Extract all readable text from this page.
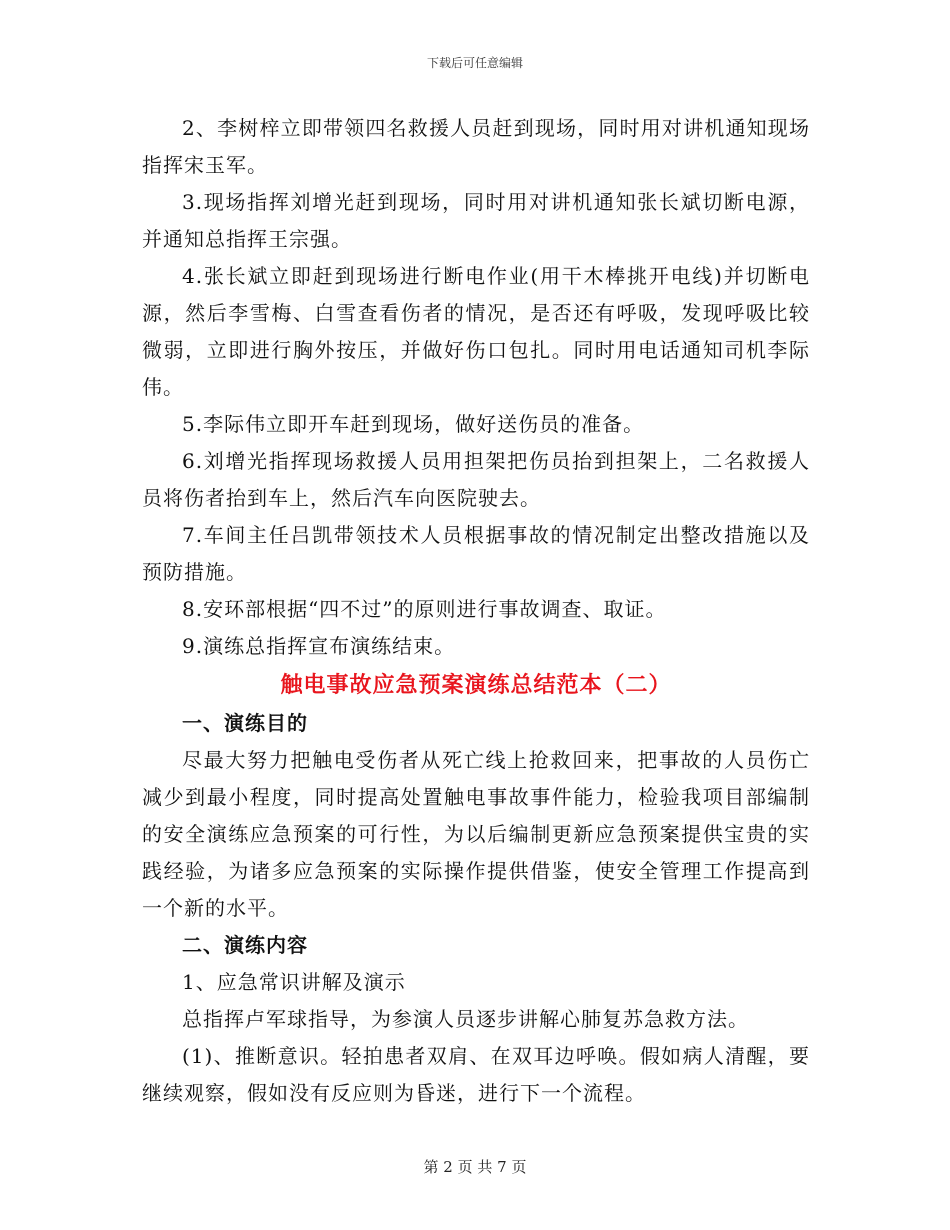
下载后可任意编辑

2、李树梓立即带领四名救援人员赶到现场，同时用对讲机通知现场指挥宋玉军。

3.现场指挥刘增光赶到现场，同时用对讲机通知张长斌切断电源，并通知总指挥王宗强。

4.张长斌立即赶到现场进行断电作业(用干木棒挑开电线)并切断电源，然后李雪梅、白雪查看伤者的情况，是否还有呼吸，发现呼吸比较微弱，立即进行胸外按压，并做好伤口包扎。同时用电话通知司机李际伟。

5.李际伟立即开车赶到现场，做好送伤员的准备。

6.刘增光指挥现场救援人员用担架把伤员抬到担架上，二名救援人员将伤者抬到车上，然后汽车向医院驶去。

7.车间主任吕凯带领技术人员根据事故的情况制定出整改措施以及预防措施。

8.安环部根据“四不过”的原则进行事故调查、取证。

9.演练总指挥宣布演练结束。

触电事故应急预案演练总结范本（二）

一、演练目的

尽最大努力把触电受伤者从死亡线上抢救回来，把事故的人员伤亡减少到最小程度，同时提高处置触电事故事件能力，检验我项目部编制的安全演练应急预案的可行性，为以后编制更新应急预案提供宝贵的实践经验，为诸多应急预案的实际操作提供借鉴，使安全管理工作提高到一个新的水平。

二、演练内容

1、应急常识讲解及演示

总指挥卢军球指导，为参演人员逐步讲解心肺复苏急救方法。

(1)、推断意识。轻拍患者双肩、在双耳边呼唤。假如病人清醒，要继续观察，假如没有反应则为昏迷，进行下一个流程。

第 2 页 共 7 页
